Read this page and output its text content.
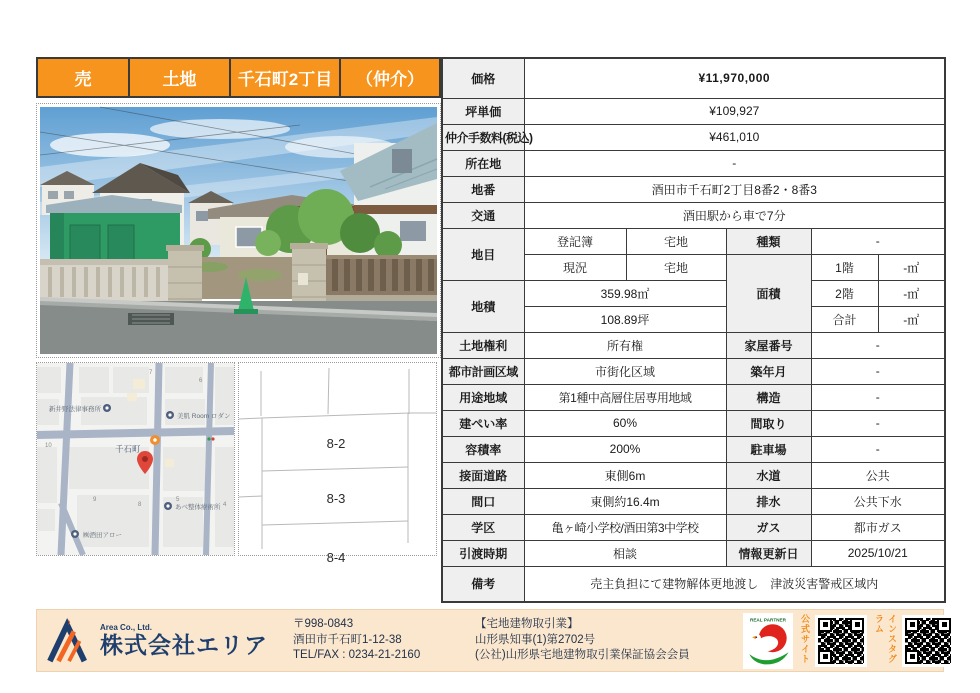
売	土地	千石町2丁目	（仲介）
新井野法律事務所
美肌 Room ロダン
あべ整体療術所
㈱酒田アロー
千石町
7
6
10
9
8
5
4
8-2
8-3
8-4
価格	¥11,970,000				
坪単価	¥109,927				
仲介手数料(税込)	¥461,010				
所在地	-				
地番	酒田市千石町2丁目8番2・8番3				
交通	酒田駅から車で7分				
地目	登記簿	宅地	種類	-	
	現況	宅地	面積	1階	-㎡
地積	359.98㎡			2階	-㎡
	108.89坪			合計	-㎡
土地権利	所有権		家屋番号	-	
都市計画区域	市街化区域		築年月	-	
用途地域	第1種中高層住居専用地域		構造	-	
建ぺい率	60%		間取り	-	
容積率	200%		駐車場	-	
接面道路	東側6m		水道	公共	
間口	東側約16.4m		排水	公共下水	
学区	亀ヶ崎小学校/酒田第3中学校		ガス	都市ガス	
引渡時期	相談		情報更新日	2025/10/21	
備考	売主負担にて建物解体更地渡し　津波災害警戒区域内				
Area Co., Ltd.
株式会社エリア
〒998-0843
酒田市千石町1-12-38
TEL/FAX : 0234-21-2160
【宅地建物取引業】
山形県知事(1)第2702号
(公社)山形県宅地建物取引業保証協会会員
REAL PARTNER 公式サイト	インスタグラム
